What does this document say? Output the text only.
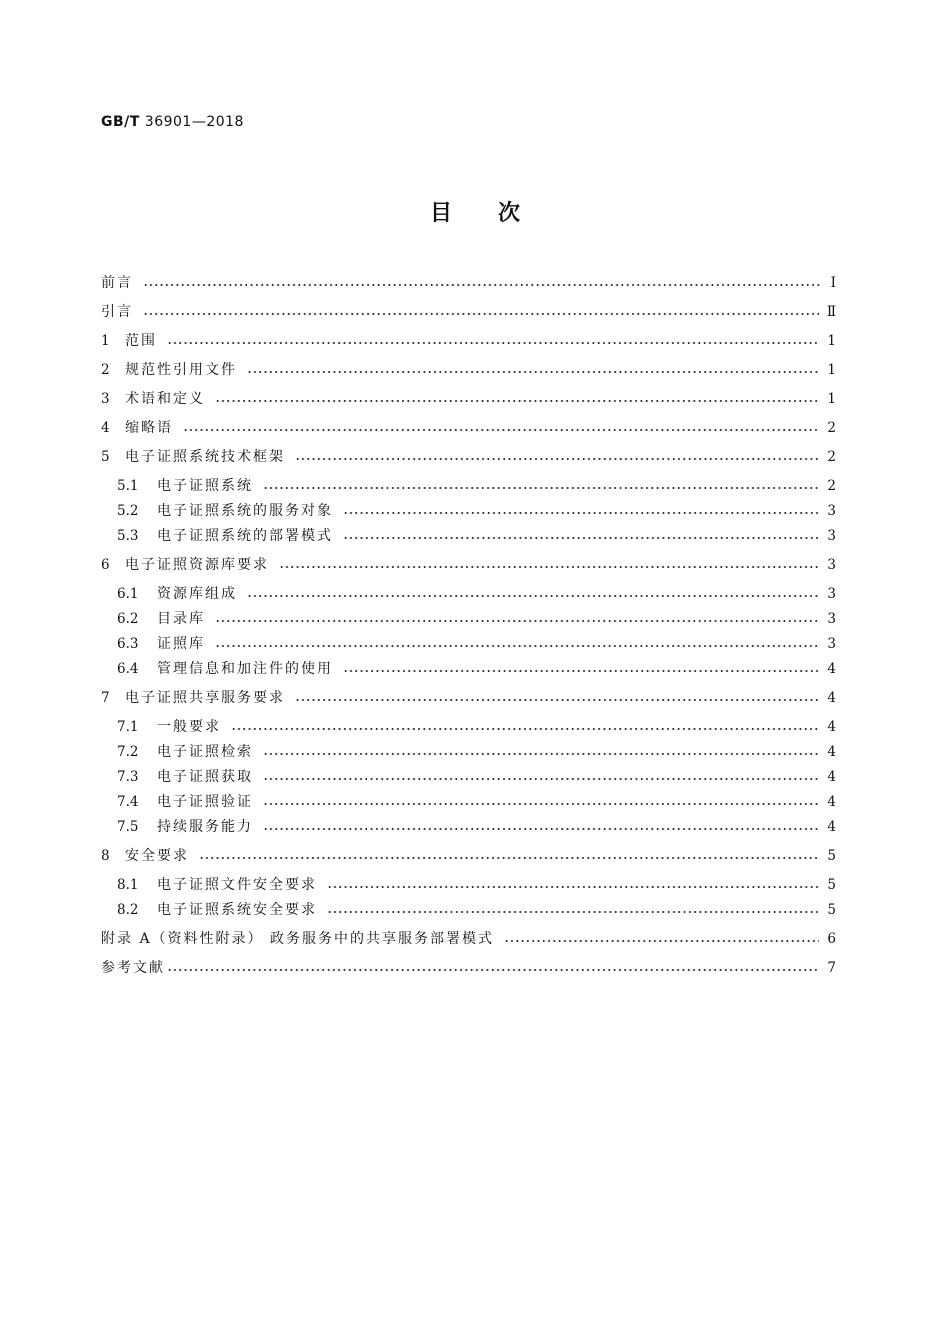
GB/T 36901—2018
目次
前言	Ⅰ
引言	Ⅱ
1	范围	1
2	规范性引用文件	1
3	术语和定义	1
4	缩略语	2
5	电子证照系统技术框架	2
5.1	电子证照系统	2
5.2	电子证照系统的服务对象	3
5.3	电子证照系统的部署模式	3
6	电子证照资源库要求	3
6.1	资源库组成	3
6.2	目录库	3
6.3	证照库	3
6.4	管理信息和加注件的使用	4
7	电子证照共享服务要求	4
7.1	一般要求	4
7.2	电子证照检索	4
7.3	电子证照获取	4
7.4	电子证照验证	4
7.5	持续服务能力	4
8	安全要求	5
8.1	电子证照文件安全要求	5
8.2	电子证照系统安全要求	5
附录 A（资料性附录） 政务服务中的共享服务部署模式	6
参考文献	7
